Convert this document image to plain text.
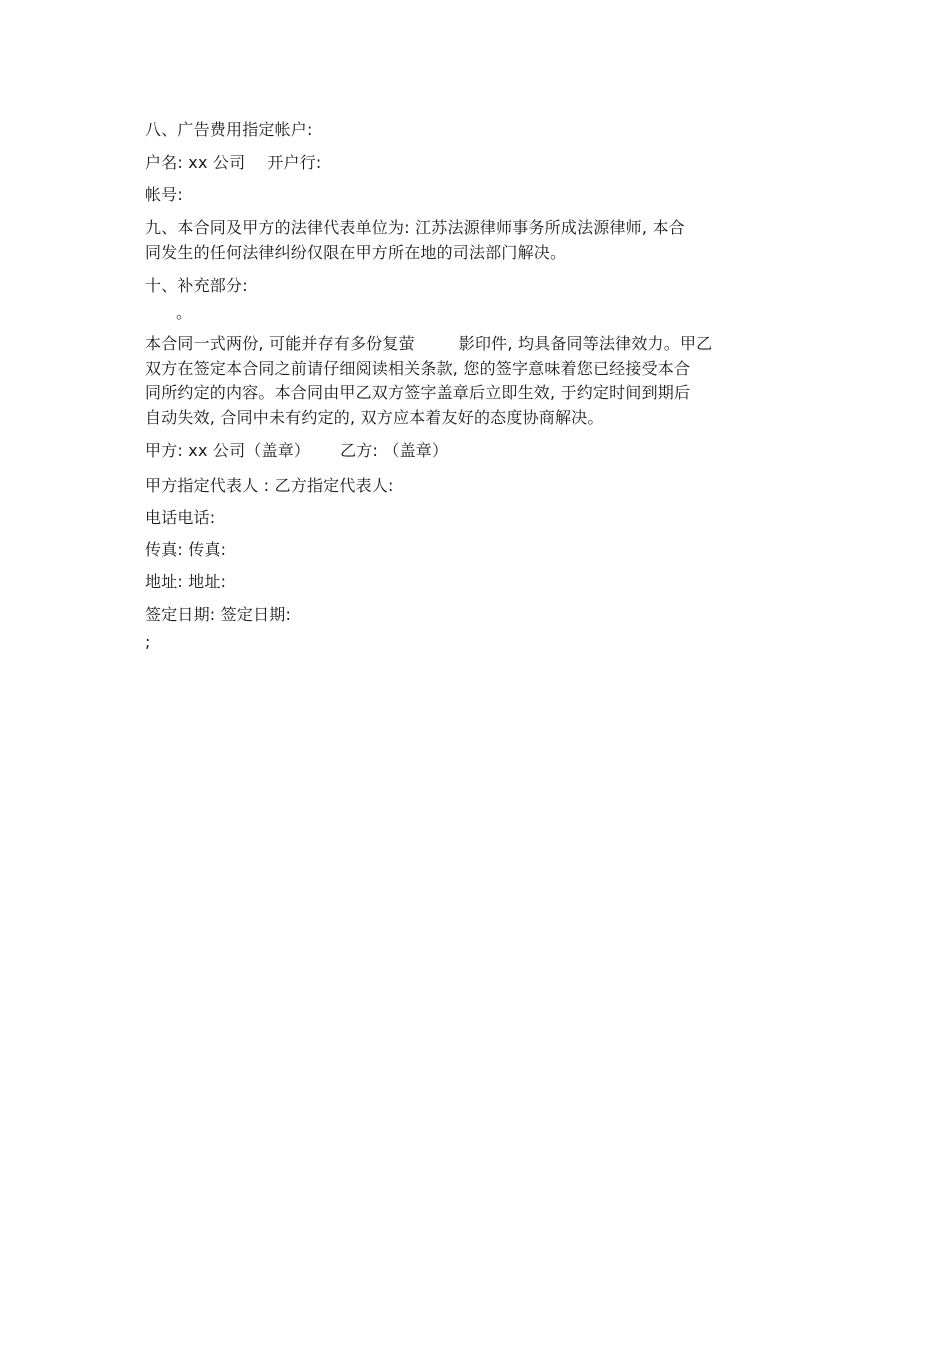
八、广告费用指定帐户:
户名: xx 公司 开户行:
帐号:
九、本合同及甲方的法律代表单位为: 江苏法源律师事务所成法源律师, 本合
同发生的任何法律纠纷仅限在甲方所在地的司法部门解决。
十、补充部分:
。
本合同一式两份, 可能并存有多份复萤	影印件, 均具备同等法律效力。甲乙
双方在签定本合同之前请仔细阅读相关条款, 您的签字意味着您已经接受本合
同所约定的内容。本合同由甲乙双方签字盖章后立即生效, 于约定时间到期后
自动失效, 合同中未有约定的, 双方应本着友好的态度协商解决。
甲方: xx 公司（盖章） 乙方: （盖章）
甲方指定代表人 : 乙方指定代表人:
电话电话:
传真: 传真:
地址: 地址:
签定日期: 签定日期:
;
